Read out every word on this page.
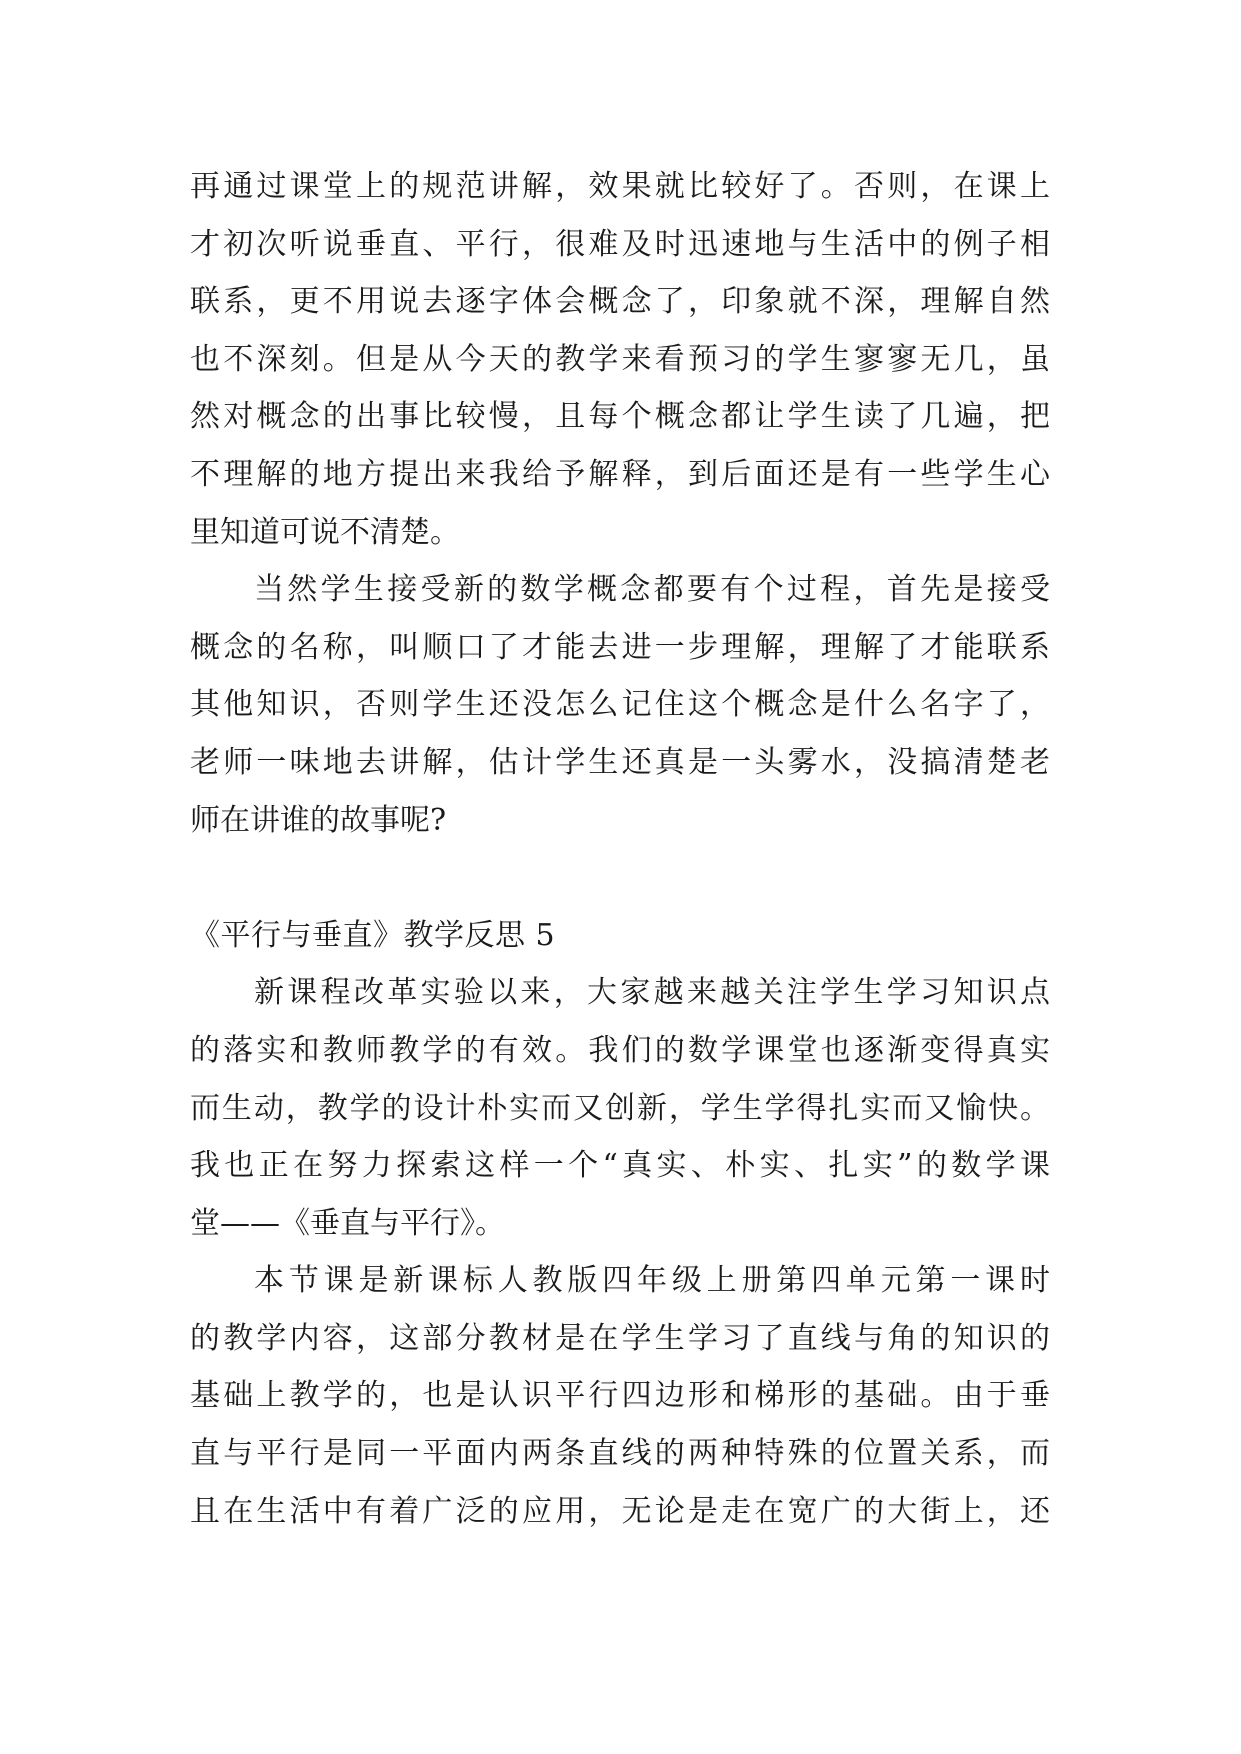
再通过课堂上的规范讲解，效果就比较好了。否则，在课上
才初次听说垂直、平行，很难及时迅速地与生活中的例子相
联系，更不用说去逐字体会概念了，印象就不深，理解自然
也不深刻。但是从今天的教学来看预习的学生寥寥无几，虽
然对概念的出事比较慢，且每个概念都让学生读了几遍，把
不理解的地方提出来我给予解释，到后面还是有一些学生心
里知道可说不清楚。
当然学生接受新的数学概念都要有个过程，首先是接受
概念的名称，叫顺口了才能去进一步理解，理解了才能联系
其他知识，否则学生还没怎么记住这个概念是什么名字了，
老师一味地去讲解，估计学生还真是一头雾水，没搞清楚老
师在讲谁的故事呢?
《平行与垂直》教学反思 5
新课程改革实验以来，大家越来越关注学生学习知识点
的落实和教师教学的有效。我们的数学课堂也逐渐变得真实
而生动，教学的设计朴实而又创新，学生学得扎实而又愉快。
我也正在努力探索这样一个“真实、朴实、扎实”的数学课
堂——《垂直与平行》。
本节课是新课标人教版四年级上册第四单元第一课时
的教学内容，这部分教材是在学生学习了直线与角的知识的
基础上教学的，也是认识平行四边形和梯形的基础。由于垂
直与平行是同一平面内两条直线的两种特殊的位置关系，而
且在生活中有着广泛的应用，无论是走在宽广的大街上，还
